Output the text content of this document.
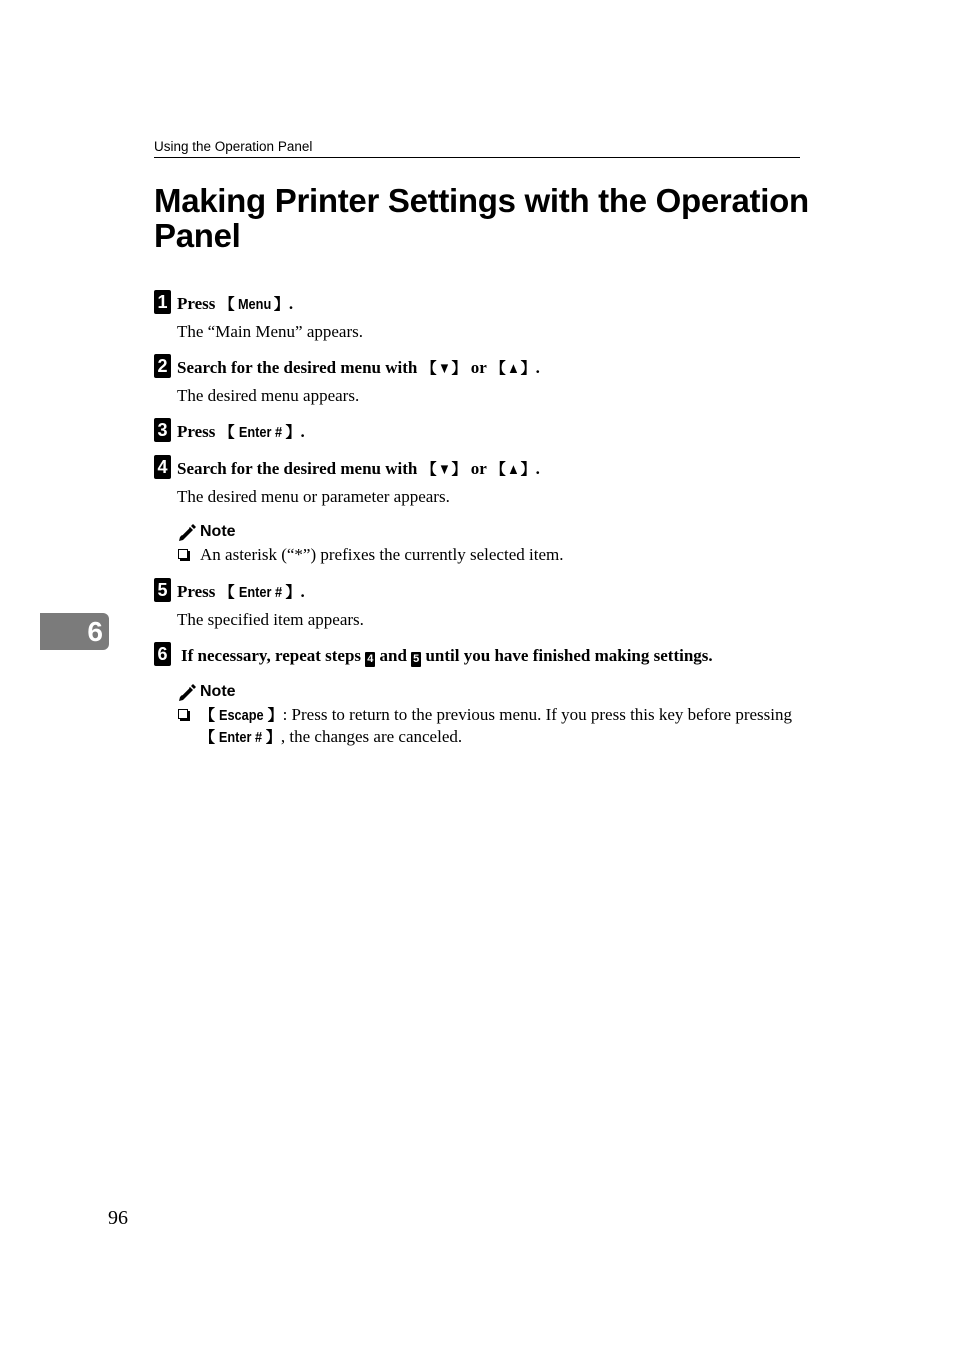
Using the Operation Panel
Making Printer Settings with the Operation Panel
1 Press 【 Menu 】.
The “Main Menu” appears.
2 Search for the desired menu with 【▼】 or 【▲】.
The desired menu appears.
3 Press 【 Enter # 】.
4 Search for the desired menu with 【▼】 or 【▲】.
The desired menu or parameter appears.
Note
An asterisk (“*”) prefixes the currently selected item.
5 Press 【 Enter # 】.
The specified item appears.
6 If necessary, repeat steps 4 and 5 until you have finished making settings.
Note
【 Escape 】: Press to return to the previous menu. If you press this key before pressing 【 Enter # 】, the changes are canceled.
6
96
